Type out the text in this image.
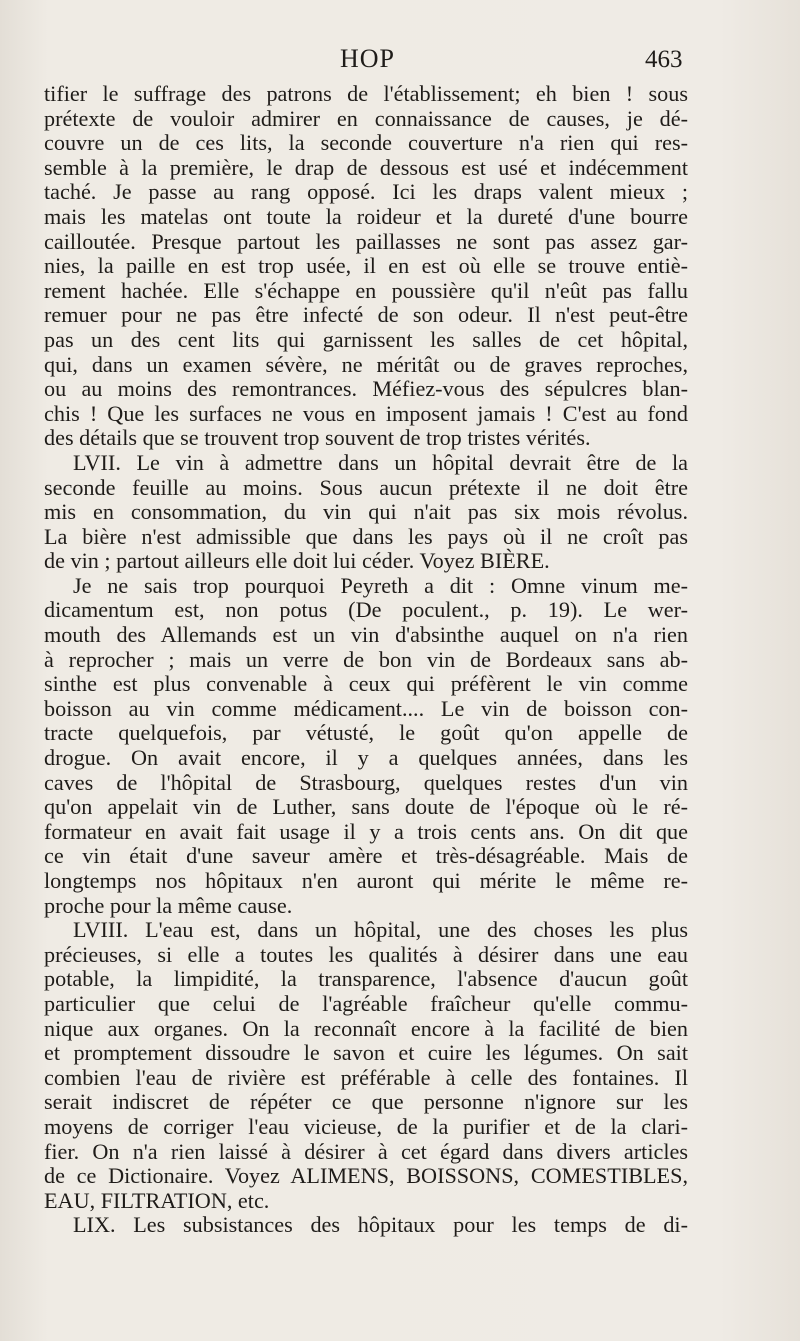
HOP	463
tifier le suffrage des patrons de l'établissement; eh bien ! sous
prétexte de vouloir admirer en connaissance de causes, je dé-
couvre un de ces lits, la seconde couverture n'a rien qui res-
semble à la première, le drap de dessous est usé et indécemment
taché. Je passe au rang opposé. Ici les draps valent mieux ;
mais les matelas ont toute la roideur et la dureté d'une bourre
cailloutée. Presque partout les paillasses ne sont pas assez gar-
nies, la paille en est trop usée, il en est où elle se trouve entiè-
rement hachée. Elle s'échappe en poussière qu'il n'eût pas fallu
remuer pour ne pas être infecté de son odeur. Il n'est peut-être
pas un des cent lits qui garnissent les salles de cet hôpital,
qui, dans un examen sévère, ne méritât ou de graves reproches,
ou au moins des remontrances. Méfiez-vous des sépulcres blan-
chis ! Que les surfaces ne vous en imposent jamais ! C'est au fond
des détails que se trouvent trop souvent de trop tristes vérités.
LVII. Le vin à admettre dans un hôpital devrait être de la
seconde feuille au moins. Sous aucun prétexte il ne doit être
mis en consommation, du vin qui n'ait pas six mois révolus.
La bière n'est admissible que dans les pays où il ne croît pas
de vin ; partout ailleurs elle doit lui céder. Voyez BIÈRE.
Je ne sais trop pourquoi Peyreth a dit : Omne vinum me-
dicamentum est, non potus (De poculent., p. 19). Le wer-
mouth des Allemands est un vin d'absinthe auquel on n'a rien
à reprocher ; mais un verre de bon vin de Bordeaux sans ab-
sinthe est plus convenable à ceux qui préfèrent le vin comme
boisson au vin comme médicament.... Le vin de boisson con-
tracte quelquefois, par vétusté, le goût qu'on appelle de
drogue. On avait encore, il y a quelques années, dans les
caves de l'hôpital de Strasbourg, quelques restes d'un vin
qu'on appelait vin de Luther, sans doute de l'époque où le ré-
formateur en avait fait usage il y a trois cents ans. On dit que
ce vin était d'une saveur amère et très-désagréable. Mais de
longtemps nos hôpitaux n'en auront qui mérite le même re-
proche pour la même cause.
LVIII. L'eau est, dans un hôpital, une des choses les plus
précieuses, si elle a toutes les qualités à désirer dans une eau
potable, la limpidité, la transparence, l'absence d'aucun goût
particulier que celui de l'agréable fraîcheur qu'elle commu-
nique aux organes. On la reconnaît encore à la facilité de bien
et promptement dissoudre le savon et cuire les légumes. On sait
combien l'eau de rivière est préférable à celle des fontaines. Il
serait indiscret de répéter ce que personne n'ignore sur les
moyens de corriger l'eau vicieuse, de la purifier et de la clari-
fier. On n'a rien laissé à désirer à cet égard dans divers articles
de ce Dictionaire. Voyez ALIMENS, BOISSONS, COMESTIBLES,
EAU, FILTRATION, etc.
LIX. Les subsistances des hôpitaux pour les temps de di-
